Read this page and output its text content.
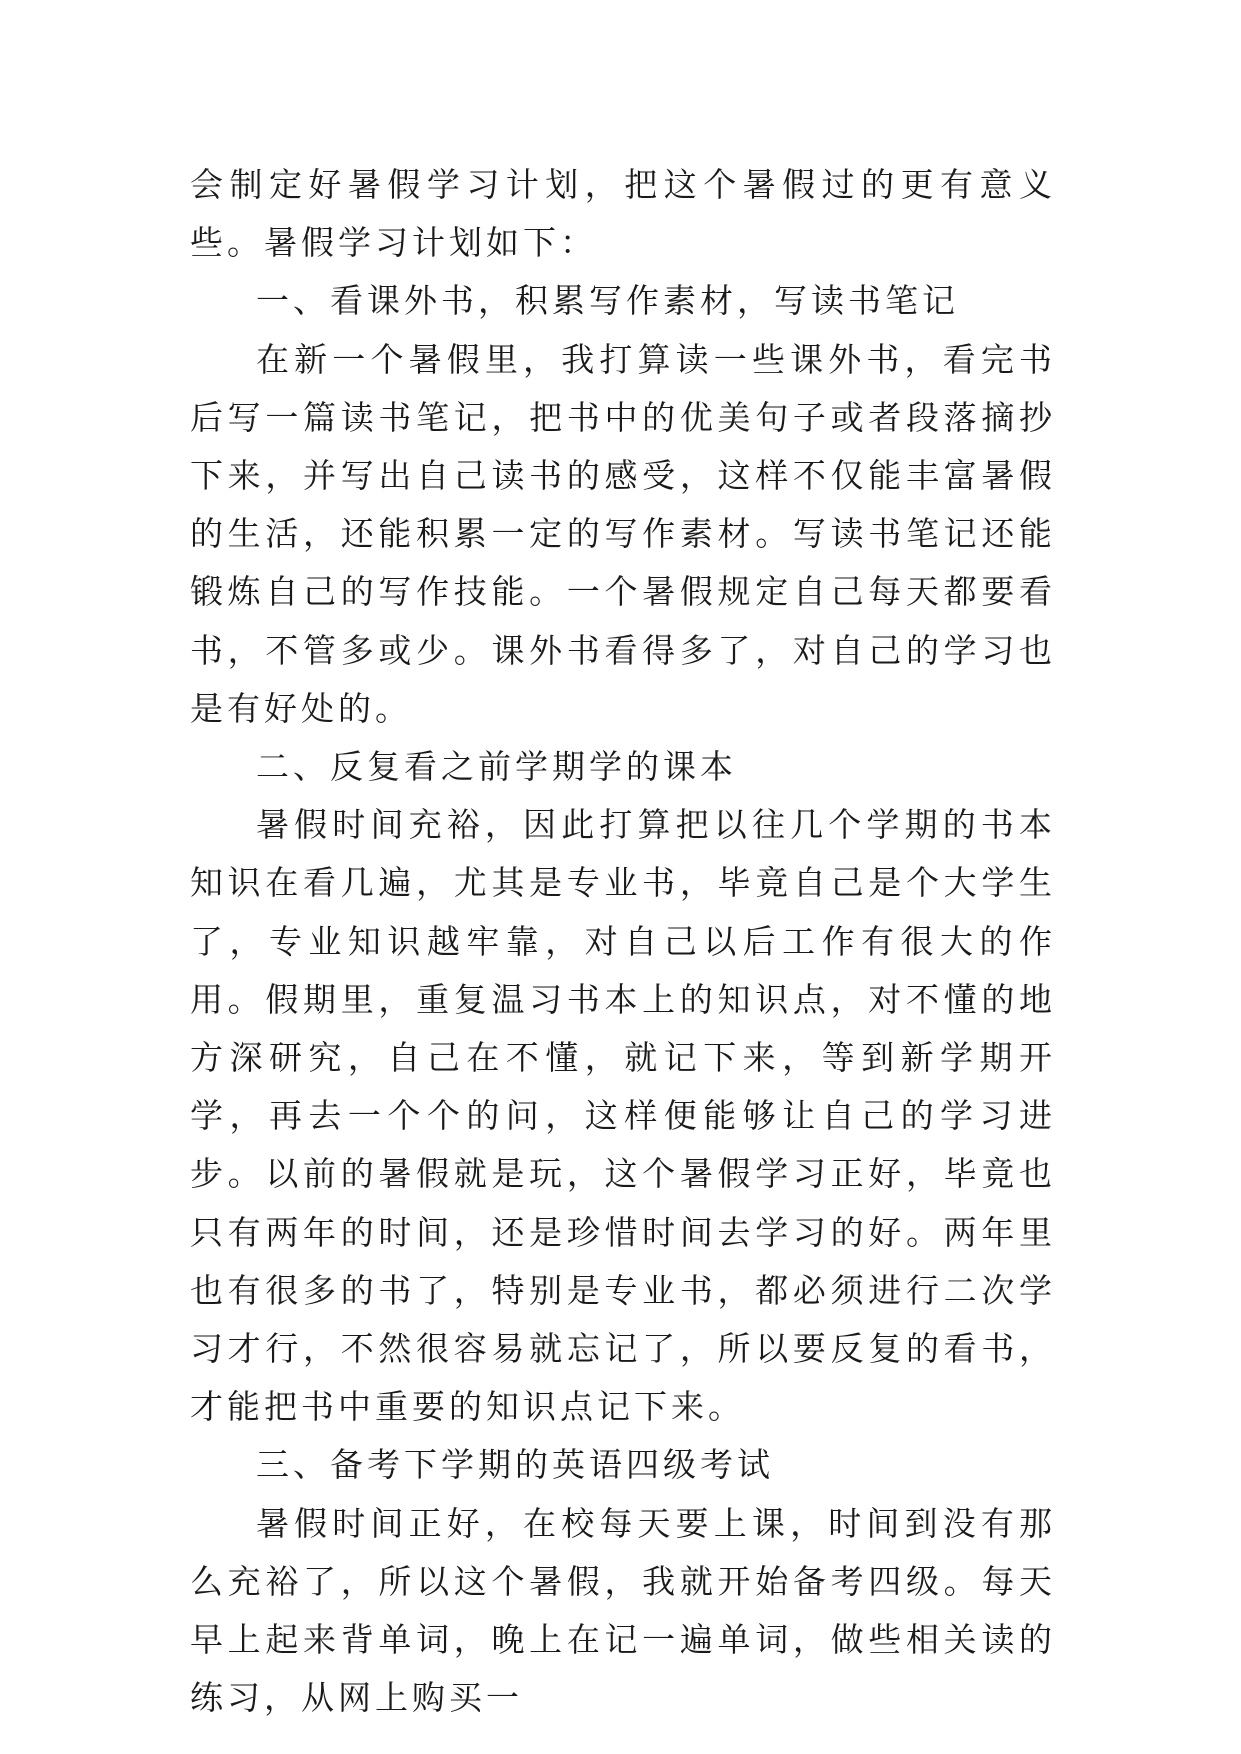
会制定好暑假学习计划，把这个暑假过的更有意义些。暑假学习计划如下：

一、看课外书，积累写作素材，写读书笔记

在新一个暑假里，我打算读一些课外书，看完书后写一篇读书笔记，把书中的优美句子或者段落摘抄下来，并写出自己读书的感受，这样不仅能丰富暑假的生活，还能积累一定的写作素材。写读书笔记还能锻炼自己的写作技能。一个暑假规定自己每天都要看书，不管多或少。课外书看得多了，对自己的学习也是有好处的。

二、反复看之前学期学的课本

暑假时间充裕，因此打算把以往几个学期的书本知识在看几遍，尤其是专业书，毕竟自己是个大学生了，专业知识越牢靠，对自己以后工作有很大的作用。假期里，重复温习书本上的知识点，对不懂的地方深研究，自己在不懂，就记下来，等到新学期开学，再去一个个的问，这样便能够让自己的学习进步。以前的暑假就是玩，这个暑假学习正好，毕竟也只有两年的时间，还是珍惜时间去学习的好。两年里也有很多的书了，特别是专业书，都必须进行二次学习才行，不然很容易就忘记了，所以要反复的看书，才能把书中重要的知识点记下来。

三、备考下学期的英语四级考试

暑假时间正好，在校每天要上课，时间到没有那么充裕了，所以这个暑假，我就开始备考四级。每天早上起来背单词，晚上在记一遍单词，做些相关读的练习，从网上购买一
